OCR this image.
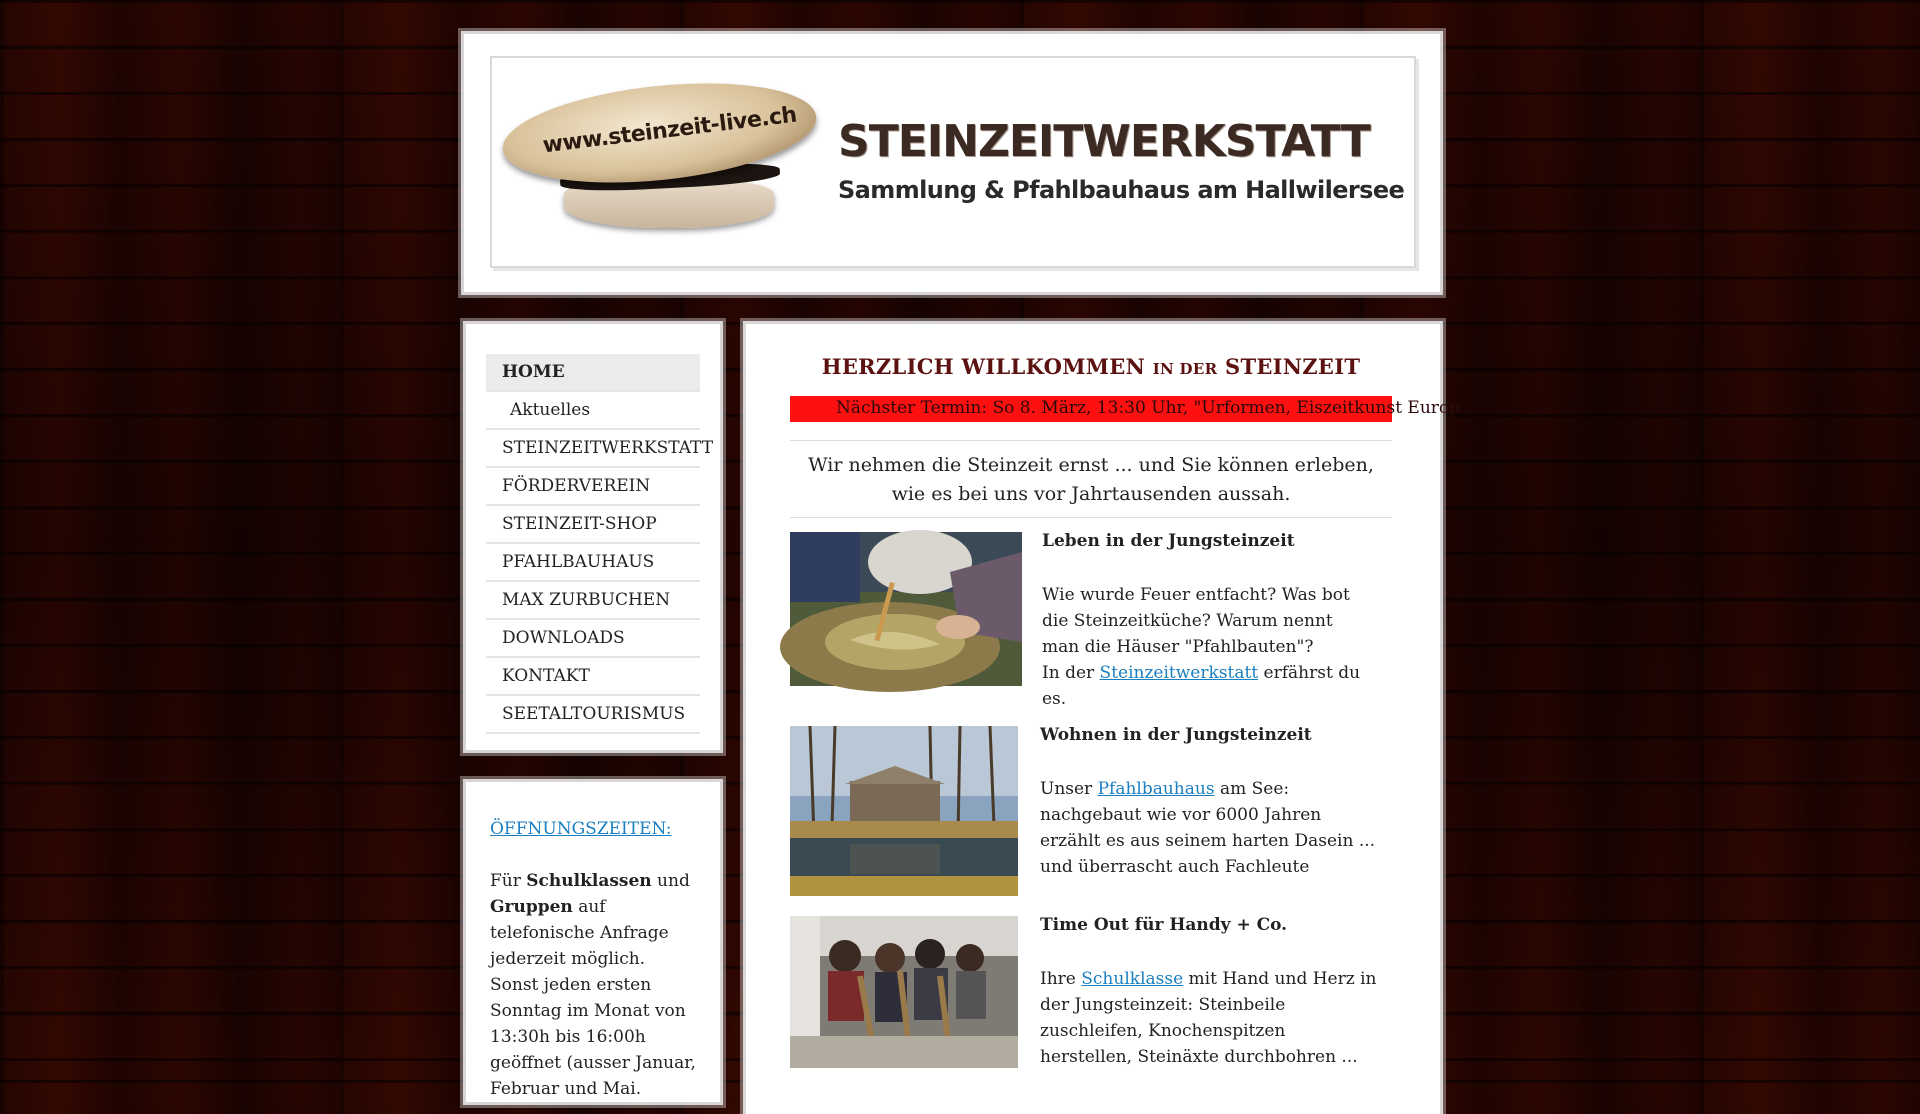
www.steinzeit-live.ch STEINZEITWERKSTATT
Sammlung & Pfahlbauhaus am Hallwilersee
HOME
Aktuelles
STEINZEITWERKSTATT
FÖRDERVEREIN
STEINZEIT-SHOP
PFAHLBAUHAUS
MAX ZURBUCHEN
DOWNLOADS
KONTAKT
SEETALTOURISMUS
ÖFFNUNGSZEITEN:
Für Schulklassen und Gruppen auf telefonische Anfrage jederzeit möglich. Sonst jeden ersten Sonntag im Monat von 13:30h bis 16:00h geöffnet (ausser Januar, Februar und Mai.
HERZLICH WILLKOMMEN IN DER STEINZEIT
Nächster Termin: So 8. März, 13:30 Uhr, "Urformen, Eiszeitkunst Europ
Wir nehmen die Steinzeit ernst ... und Sie können erleben,
wie es bei uns vor Jahrtausenden aussah.
Leben in der Jungsteinzeit
Wie wurde Feuer entfacht? Was bot die Steinzeitküche? Warum nennt man die Häuser "Pfahlbauten"?
In der Steinzeitwerkstatt erfährst du es.
Wohnen in der Jungsteinzeit
Unser Pfahlbauhaus am See:
nachgebaut wie vor 6000 Jahren erzählt es aus seinem harten Dasein ... und überrascht auch Fachleute
Time Out für Handy + Co.
Ihre Schulklasse mit Hand und Herz in der Jungsteinzeit: Steinbeile zuschleifen, Knochenspitzen herstellen, Steinäxte durchbohren ...
